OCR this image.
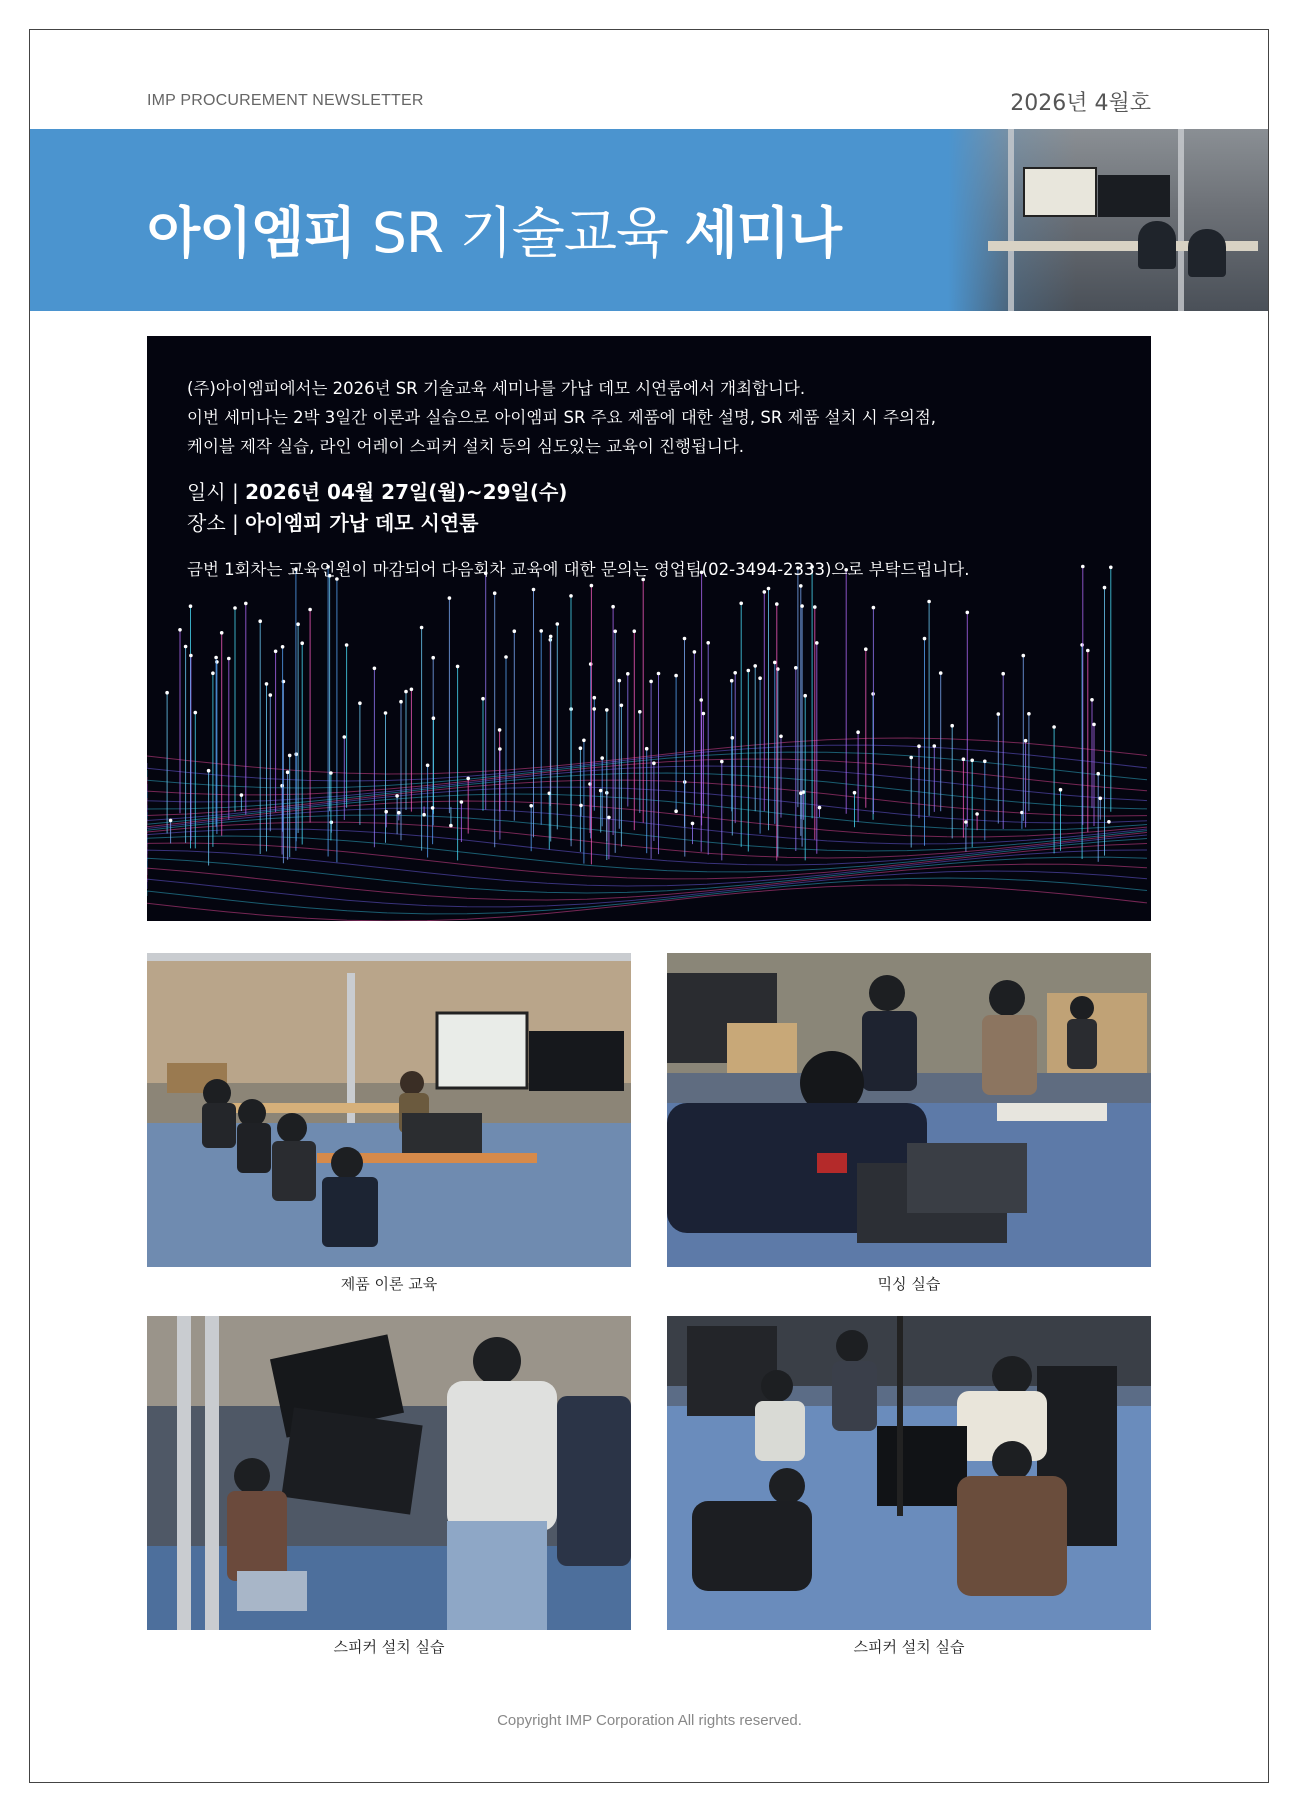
IMP PROCUREMENT NEWSLETTER	2026년 4월호
아이엠피 SR 기술교육 세미나

(주)아이엠피에서는 2026년 SR 기술교육 세미나를 가납 데모 시연룸에서 개최합니다.

이번 세미나는 2박 3일간 이론과 실습으로 아이엠피 SR 주요 제품에 대한 설명, SR 제품 설치 시 주의점,

케이블 제작 실습, 라인 어레이 스피커 설치 등의 심도있는 교육이 진행됩니다.

일시 | 2026년 04월 27일(월)~29일(수)
장소 | 아이엠피 가납 데모 시연룸

금번 1회차는 교육인원이 마감되어 다음회차 교육에 대한 문의는 영업팀(02-3494-2333)으로 부탁드립니다.

제품 이론 교육	믹싱 실습
스피커 설치 실습	스피커 설치 실습
Copyright IMP Corporation All rights reserved.
